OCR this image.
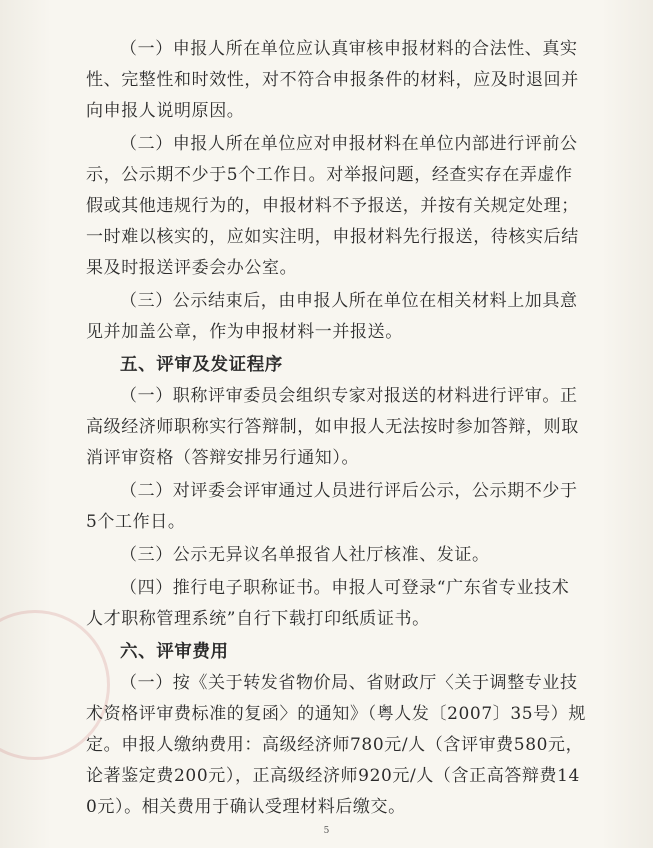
（一）申报人所在单位应认真审核申报材料的合法性、真实性、完整性和时效性，对不符合申报条件的材料，应及时退回并向申报人说明原因。

（二）申报人所在单位应对申报材料在单位内部进行评前公示，公示期不少于5个工作日。对举报问题，经查实存在弄虚作假或其他违规行为的，申报材料不予报送，并按有关规定处理；一时难以核实的，应如实注明，申报材料先行报送，待核实后结果及时报送评委会办公室。

（三）公示结束后，由申报人所在单位在相关材料上加具意见并加盖公章，作为申报材料一并报送。

五、评审及发证程序

（一）职称评审委员会组织专家对报送的材料进行评审。正高级经济师职称实行答辩制，如申报人无法按时参加答辩，则取消评审资格（答辩安排另行通知）。

（二）对评委会评审通过人员进行评后公示，公示期不少于5个工作日。

（三）公示无异议名单报省人社厅核准、发证。

（四）推行电子职称证书。申报人可登录“广东省专业技术人才职称管理系统”自行下载打印纸质证书。

六、评审费用

（一）按《关于转发省物价局、省财政厅〈关于调整专业技术资格评审费标准的复函〉的通知》（粤人发〔2007〕35号）规定。申报人缴纳费用：高级经济师780元/人（含评审费580元，论著鉴定费200元），正高级经济师920元/人（含正高答辩费140元）。相关费用于确认受理材料后缴交。

5
